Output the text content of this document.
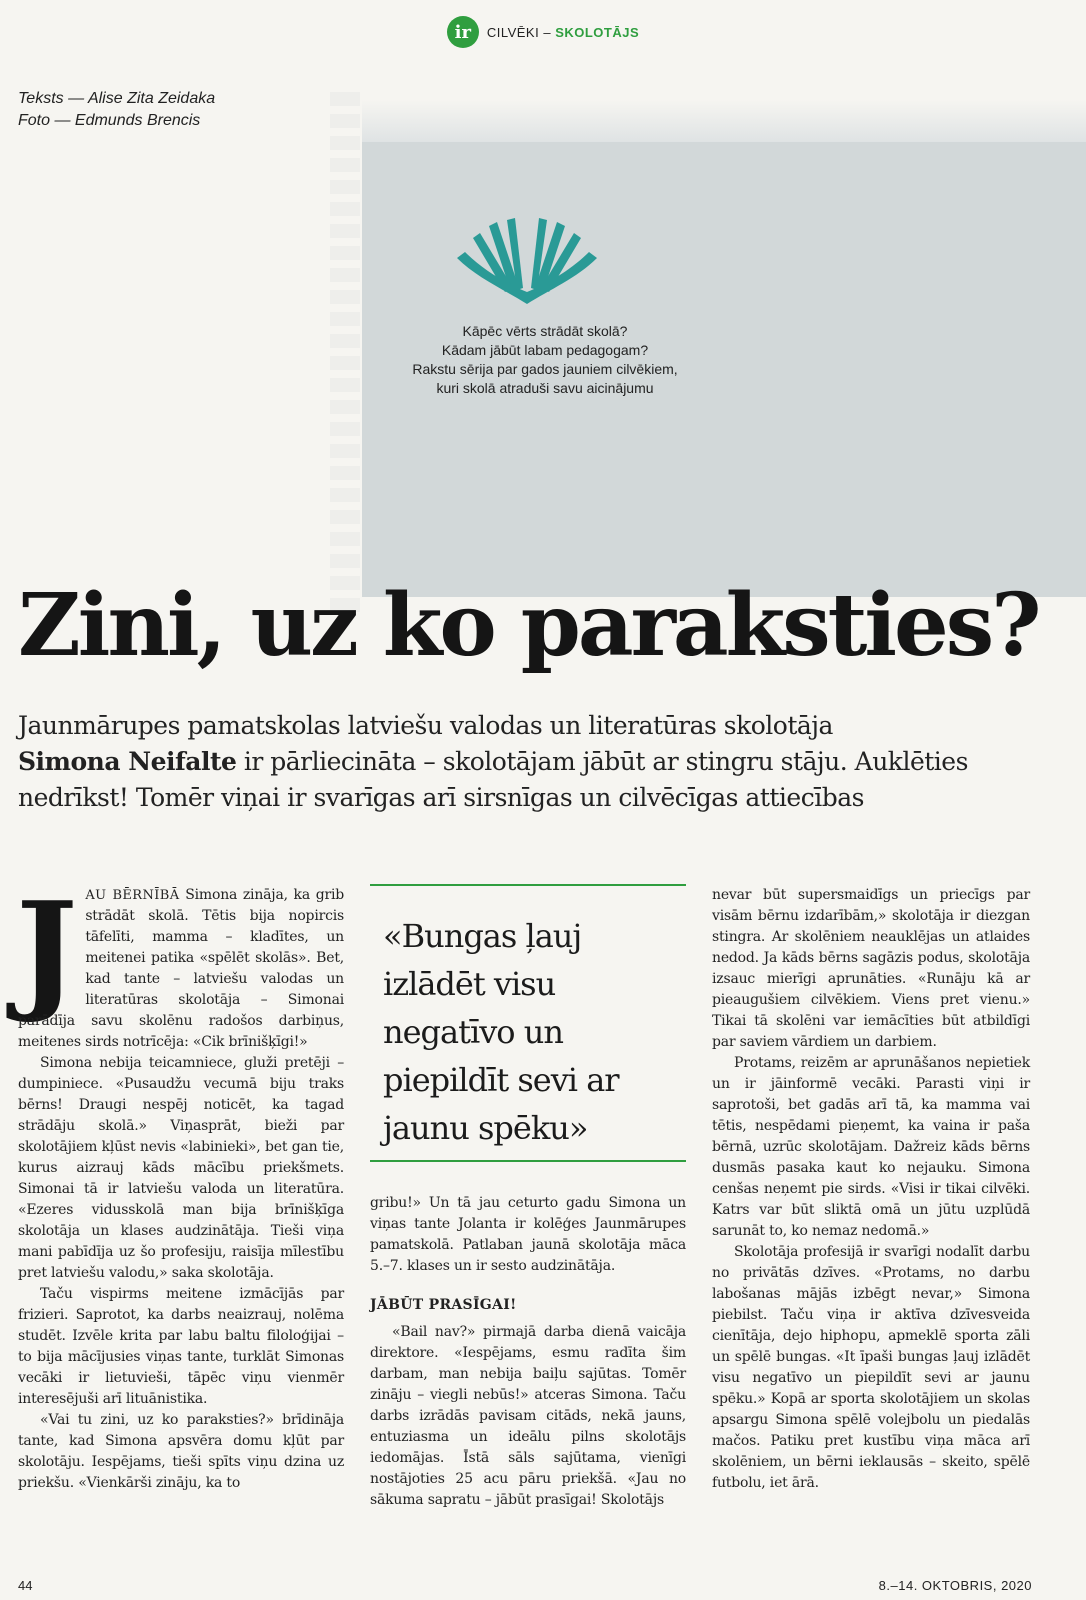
ir	CILVĒKI – SKOLOTĀJS
Teksts — Alise Zita Zeidaka
Foto — Edmunds Brencis
Kāpēc vērts strādāt skolā?
Kādam jābūt labam pedagogam?
Rakstu sērija par gados jauniem cilvēkiem,
kuri skolā atraduši savu aicinājumu
Zini, uz ko paraksties?
Jaunmārupes pamatskolas latviešu valodas un literatūras skolotāja
Simona Neifalte ir pārliecināta – skolotājam jābūt ar stingru stāju. Auklēties nedrīkst! Tomēr viņai ir svarīgas arī sirsnīgas un cilvēcīgas attiecības

JAU BĒRNĪBĀ Simona zināja, ka grib strādāt skolā. Tētis bija nopircis tāfelīti, mamma – kladītes, un meitenei patika «spēlēt skolās». Bet, kad tante – latviešu valodas un literatūras skolotāja – Simonai parādīja savu skolēnu radošos darbiņus, meitenes sirds notrīcēja: «Cik brīnišķīgi!»

Simona nebija teicamniece, gluži pretēji – dumpiniece. «Pusaudžu vecumā biju traks bērns! Draugi nespēj noticēt, ka tagad strādāju skolā.» Viņasprāt, bieži par skolotājiem kļūst nevis «labinieki», bet gan tie, kurus aizrauj kāds mācību priekšmets. Simonai tā ir latviešu valoda un literatūra. «Ezeres vidusskolā man bija brīnišķīga skolotāja un klases audzinātāja. Tieši viņa mani pabīdīja uz šo profesiju, raisīja mīlestību pret latviešu valodu,» saka skolotāja.

Taču vispirms meitene izmācījās par frizieri. Saprotot, ka darbs neaizrauj, nolēma studēt. Izvēle krita par labu baltu filoloģijai – to bija mācījusies viņas tante, turklāt Simonas vecāki ir lietuvieši, tāpēc viņu vienmēr interesējuši arī lituānistika.

«Vai tu zini, uz ko paraksties?» brīdināja tante, kad Simona apsvēra domu kļūt par skolotāju. Iespējams, tieši spīts viņu dzina uz priekšu. «Vienkārši zināju, ka to

«Bungas ļauj izlādēt visu negatīvo un piepildīt sevi ar jaunu spēku»

gribu!» Un tā jau ceturto gadu Simona un viņas tante Jolanta ir kolēģes Jaunmārupes pamatskolā. Patlaban jaunā skolotāja māca 5.–7. klases un ir sesto audzinātāja.

JĀBŪT PRASĪGAI!

«Bail nav?» pirmajā darba dienā vaicāja direktore. «Iespējams, esmu radīta šim darbam, man nebija baiļu sajūtas. Tomēr zināju – viegli nebūs!» atceras Simona. Taču darbs izrādās pavisam citāds, nekā jauns, entuziasma un ideālu pilns skolotājs iedomājas. Īstā sāls sajūtama, vienīgi nostājoties 25 acu pāru priekšā. «Jau no sākuma sapratu – jābūt prasīgai! Skolotājs

nevar būt supersmaidīgs un priecīgs par visām bērnu izdarībām,» skolotāja ir diezgan stingra. Ar skolēniem neauklējas un atlaides nedod. Ja kāds bērns sagāzis podus, skolotāja izsauc mierīgi aprunāties. «Runāju kā ar pieaugušiem cilvēkiem. Viens pret vienu.» Tikai tā skolēni var iemācīties būt atbildīgi par saviem vārdiem un darbiem.

Protams, reizēm ar aprunāšanos nepietiek un ir jāinformē vecāki. Parasti viņi ir saprotoši, bet gadās arī tā, ka mamma vai tētis, nespēdami pieņemt, ka vaina ir paša bērnā, uzrūc skolotājam. Dažreiz kāds bērns dusmās pasaka kaut ko nejauku. Simona cenšas neņemt pie sirds. «Visi ir tikai cilvēki. Katrs var būt sliktā omā un jūtu uzplūdā sarunāt to, ko nemaz nedomā.»

Skolotāja profesijā ir svarīgi nodalīt darbu no privātās dzīves. «Protams, no darbu labošanas mājās izbēgt nevar,» Simona piebilst. Taču viņa ir aktīva dzīvesveida cienītāja, dejo hiphopu, apmeklē sporta zāli un spēlē bungas. «It īpaši bungas ļauj izlādēt visu negatīvo un piepildīt sevi ar jaunu spēku.» Kopā ar sporta skolotājiem un skolas apsargu Simona spēlē volejbolu un piedalās mačos. Patiku pret kustību viņa māca arī skolēniem, un bērni ieklausās – skeito, spēlē futbolu, iet ārā.

44	8.–14. OKTOBRIS, 2020
